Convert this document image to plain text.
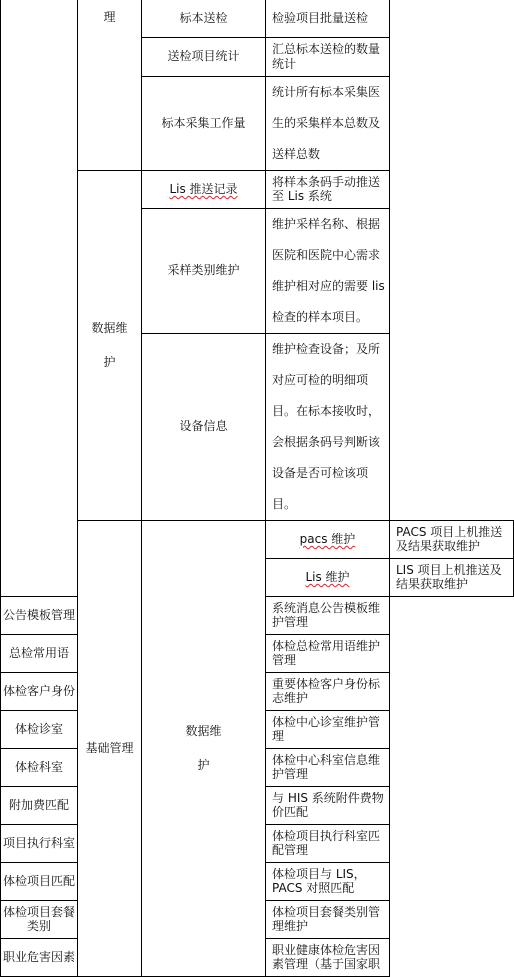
	理	标本送检	检验项目批量送检	
		送检项目统计	汇总标本送检的数量统计	
		标本采集工作量	统计所有标本采集医生的采集样本总数及送样总数	
	数据维护	Lis 推送记录	将样本条码手动推送至 Lis 系统	
		采样类别维护	维护采样名称、根据医院和医院中心需求维护相对应的需要 lis 检查的样本项目。	
		设备信息	维护检查设备；及所对应可检的明细项目。在标本接收时，会根据条码号判断该设备是否可检该项目。	
	基础管理	数据维护	pacs 维护	PACS 项目上机推送及结果获取维护
			Lis 维护	LIS 项目上机推送及结果获取维护
公告模板管理			系统消息公告模板维护管理	
总检常用语			体检总检常用语维护管理	
体检客户身份			重要体检客户身份标志维护	
体检诊室			体检中心诊室维护管理	
体检科室			体检中心科室信息维护管理	
附加费匹配			与 HIS 系统附件费物价匹配	
项目执行科室			体检项目执行科室匹配管理	
体检项目匹配			体检项目与 LIS，PACS 对照匹配	
体检项目套餐类别			体检项目套餐类别管理维护	
职业危害因素			职业健康体检危害因素管理（基于国家职	
